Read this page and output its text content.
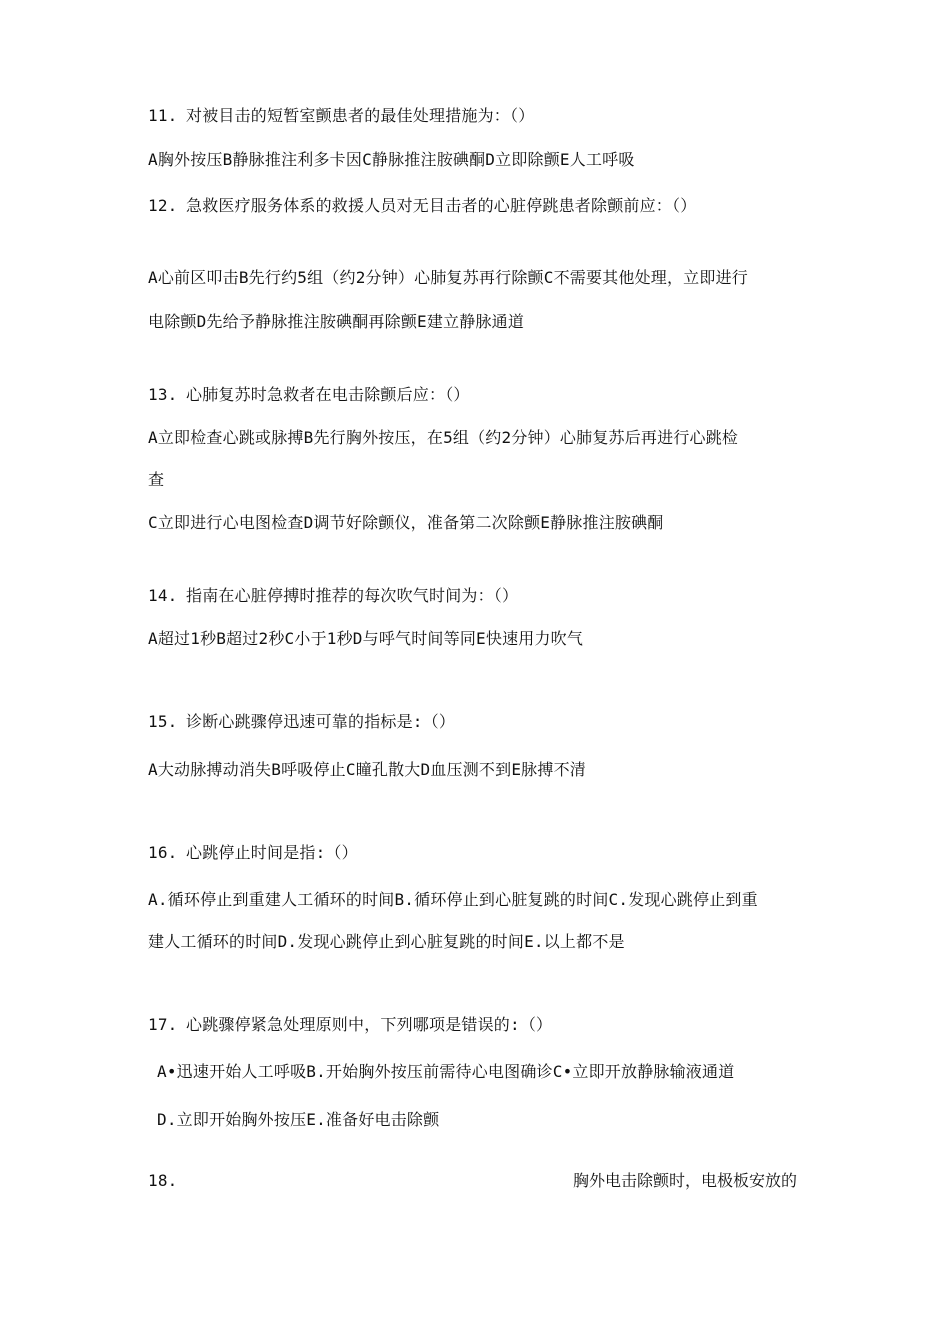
11. 对被目击的短暂室颤患者的最佳处理措施为：（）
A胸外按压B静脉推注利多卡因C静脉推注胺碘酮D立即除颤E人工呼吸
12. 急救医疗服务体系的救援人员对无目击者的心脏停跳患者除颤前应：（）
A心前区叩击B先行约5组（约2分钟）心肺复苏再行除颤C不需要其他处理，立即进行
电除颤D先给予静脉推注胺碘酮再除颤E建立静脉通道
13. 心肺复苏时急救者在电击除颤后应：（）
A立即检查心跳或脉搏B先行胸外按压，在5组（约2分钟）心肺复苏后再进行心跳检
查
C立即进行心电图检查D调节好除颤仪，准备第二次除颤E静脉推注胺碘酮
14. 指南在心脏停搏时推荐的每次吹气时间为：（）
A超过1秒B超过2秒C小于1秒D与呼气时间等同E快速用力吹气
15. 诊断心跳骤停迅速可靠的指标是:（）
A大动脉搏动消失B呼吸停止C瞳孔散大D血压测不到E脉搏不清
16. 心跳停止时间是指:（）
A.循环停止到重建人工循环的时间B.循环停止到心脏复跳的时间C.发现心跳停止到重
建人工循环的时间D.发现心跳停止到心脏复跳的时间E.以上都不是
17. 心跳骤停紧急处理原则中，下列哪项是错误的:（）
A•迅速开始人工呼吸B.开始胸外按压前需待心电图确诊C•立即开放静脉输液通道
D.立即开始胸外按压E.准备好电击除颤
18.	胸外电击除颤时，电极板安放的
